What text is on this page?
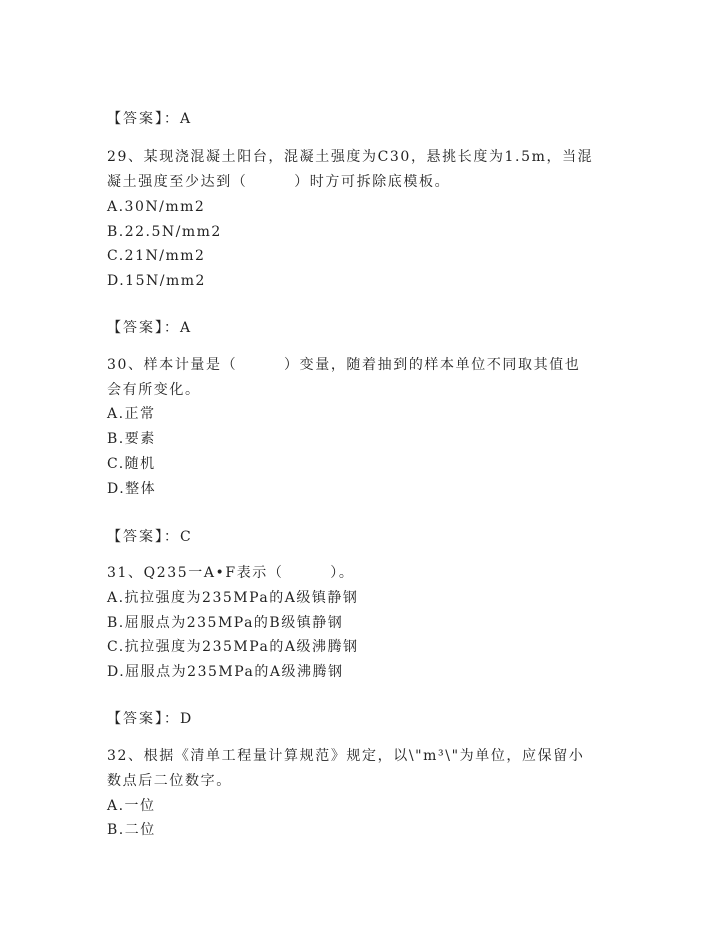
【答案】：A
29、某现浇混凝土阳台，混凝土强度为C30，悬挑长度为1.5m，当混
凝土强度至少达到（　　　）时方可拆除底模板。
A.30N/mm2
B.22.5N/mm2
C.21N/mm2
D.15N/mm2
【答案】：A
30、样本计量是（　　　）变量，随着抽到的样本单位不同取其值也
会有所变化。
A.正常
B.要素
C.随机
D.整体
【答案】：C
31、Q235一A•F表示（　　　）。
A.抗拉强度为235MPa的A级镇静钢
B.屈服点为235MPa的B级镇静钢
C.抗拉强度为235MPa的A级沸腾钢
D.屈服点为235MPa的A级沸腾钢
【答案】：D
32、根据《清单工程量计算规范》规定，以\"m³\"为单位，应保留小
数点后二位数字。
A.一位
B.二位
